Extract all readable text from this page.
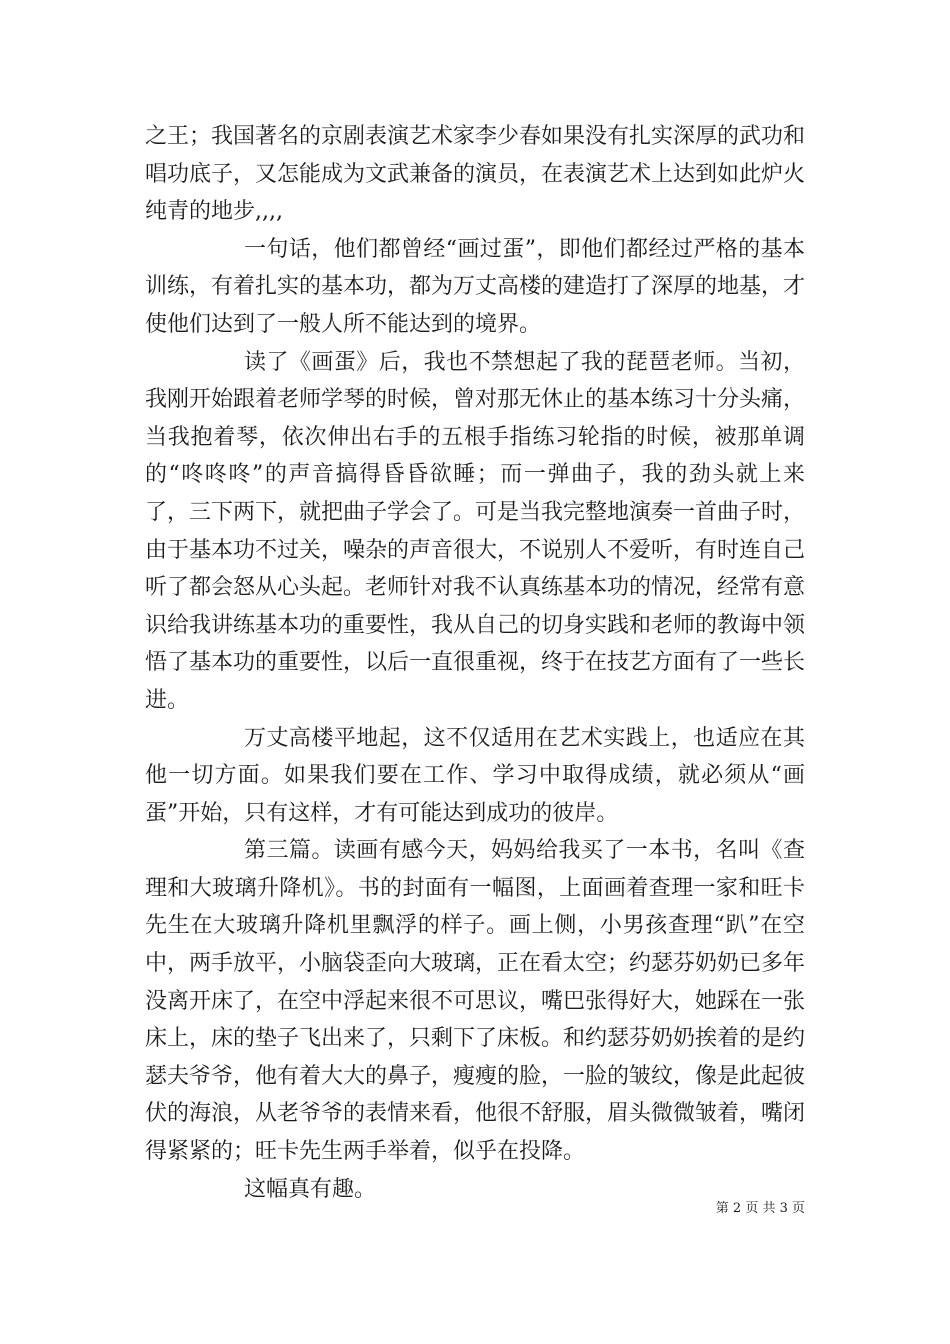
之王；我国著名的京剧表演艺术家李少春如果没有扎实深厚的武功和唱功底子，又怎能成为文武兼备的演员，在表演艺术上达到如此炉火纯青的地步,,,,

一句话，他们都曾经“画过蛋”，即他们都经过严格的基本训练，有着扎实的基本功，都为万丈高楼的建造打了深厚的地基，才使他们达到了一般人所不能达到的境界。

读了《画蛋》后，我也不禁想起了我的琵琶老师。当初，我刚开始跟着老师学琴的时候，曾对那无休止的基本练习十分头痛，当我抱着琴，依次伸出右手的五根手指练习轮指的时候，被那单调的“咚咚咚”的声音搞得昏昏欲睡；而一弹曲子，我的劲头就上来了，三下两下，就把曲子学会了。可是当我完整地演奏一首曲子时，由于基本功不过关，噪杂的声音很大，不说别人不爱听，有时连自己听了都会怒从心头起。老师针对我不认真练基本功的情况，经常有意识给我讲练基本功的重要性，我从自己的切身实践和老师的教诲中领悟了基本功的重要性，以后一直很重视，终于在技艺方面有了一些长进。

万丈高楼平地起，这不仅适用在艺术实践上，也适应在其他一切方面。如果我们要在工作、学习中取得成绩，就必须从“画蛋”开始，只有这样，才有可能达到成功的彼岸。

第三篇。读画有感今天，妈妈给我买了一本书，名叫《查理和大玻璃升降机》。书的封面有一幅图，上面画着查理一家和旺卡先生在大玻璃升降机里飘浮的样子。画上侧，小男孩查理“趴”在空中，两手放平，小脑袋歪向大玻璃，正在看太空；约瑟芬奶奶已多年没离开床了，在空中浮起来很不可思议，嘴巴张得好大，她踩在一张床上，床的垫子飞出来了，只剩下了床板。和约瑟芬奶奶挨着的是约瑟夫爷爷，他有着大大的鼻子，瘦瘦的脸，一脸的皱纹，像是此起彼伏的海浪，从老爷爷的表情来看，他很不舒服，眉头微微皱着，嘴闭得紧紧的；旺卡先生两手举着，似乎在投降。

这幅真有趣。

第 2 页 共 3 页
